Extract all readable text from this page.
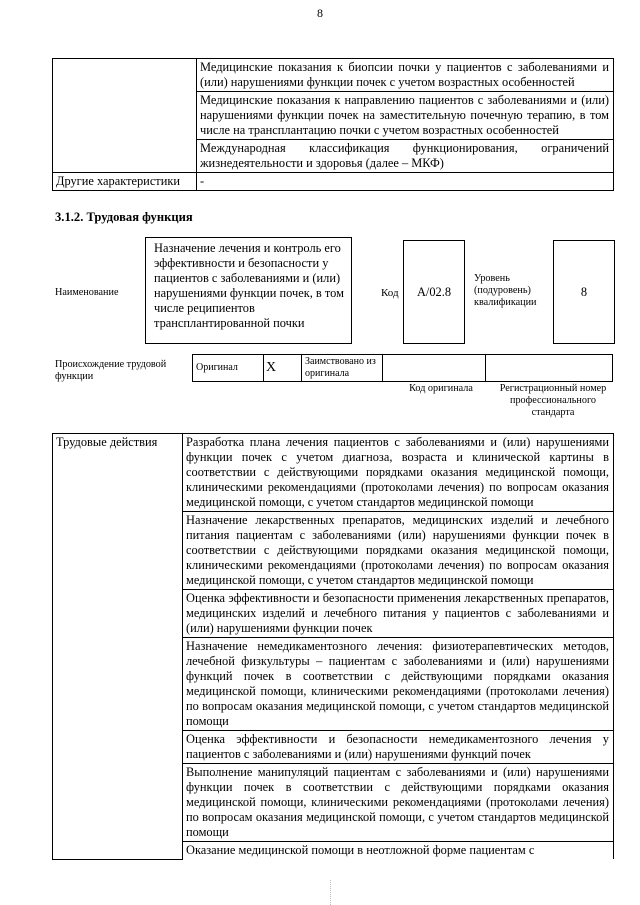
8
	Медицинские показания к биопсии почки у пациентов с заболеваниями и (или) нарушениями функции почек с учетом возрастных особенностей
	Медицинские показания к направлению пациентов с заболеваниями и (или) нарушениями функции почек на заместительную почечную терапию, в том числе на трансплантацию почки с учетом возрастных особенностей
	Международная классификация функционирования, ограничений жизнедеятельности и здоровья (далее – МКФ)
Другие характеристики	-
3.1.2. Трудовая функция
Наименование
Назначение лечения и контроль его эффективности и безопасности у пациентов с заболеваниями и (или) нарушениями функции почек, в том числе реципиентов трансплантированной почки
Код	А/02.8
Уровень (подуровень) квалификации
8
Происхождение трудовой функции
Оригинал	X	Заимствовано из оригинала		
Код оригинала	Регистрационный номер профессионального стандарта
Трудовые действия	Разработка плана лечения пациентов с заболеваниями и (или) нарушениями функции почек с учетом диагноза, возраста и клинической картины в соответствии с действующими порядками оказания медицинской помощи, клиническими рекомендациями (протоколами лечения) по вопросам оказания медицинской помощи, с учетом стандартов медицинской помощи
Назначение лекарственных препаратов, медицинских изделий и лечебного питания пациентам с заболеваниями (или) нарушениями функции почек в соответствии с действующими порядками оказания медицинской помощи, клиническими рекомендациями (протоколами лечения) по вопросам оказания медицинской помощи, с учетом стандартов медицинской помощи
Оценка эффективности и безопасности применения лекарственных препаратов, медицинских изделий и лечебного питания у пациентов с заболеваниями и (или) нарушениями функции почек
Назначение немедикаментозного лечения: физиотерапевтических методов, лечебной физкультуры – пациентам с заболеваниями и (или) нарушениями функций почек в соответствии с действующими порядками оказания медицинской помощи, клиническими рекомендациями (протоколами лечения) по вопросам оказания медицинской помощи, с учетом стандартов медицинской помощи
Оценка эффективности и безопасности немедикаментозного лечения у пациентов с заболеваниями и (или) нарушениями функций почек
Выполнение манипуляций пациентам с заболеваниями и (или) нарушениями функции почек в соответствии с действующими порядками оказания медицинской помощи, клиническими рекомендациями (протоколами лечения) по вопросам оказания медицинской помощи, с учетом стандартов медицинской помощи
Оказание медицинской помощи в неотложной форме пациентам с
